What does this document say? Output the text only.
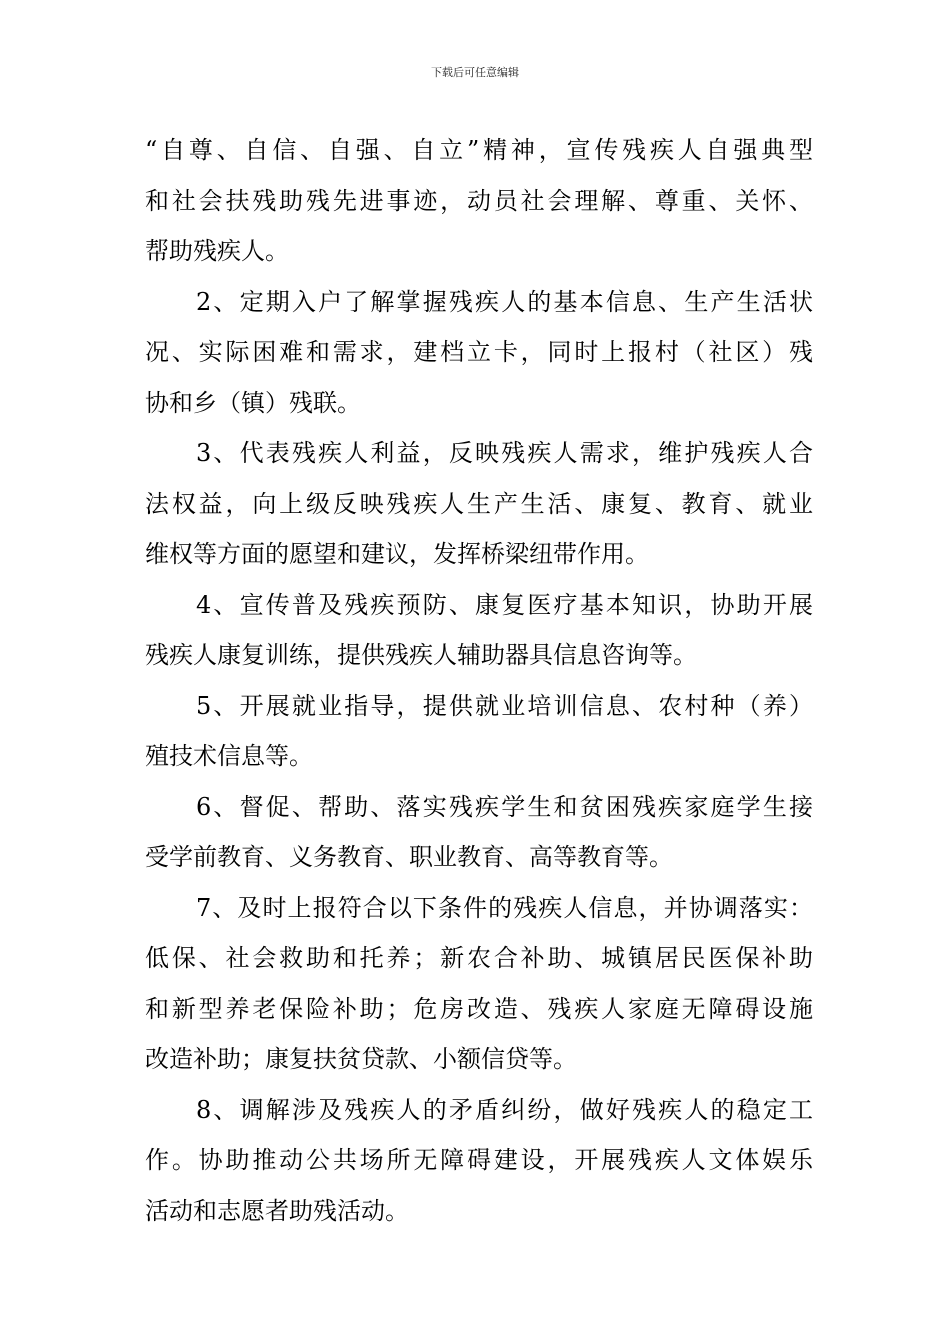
下载后可任意编辑
“自尊、自信、自强、自立”精神，宣传残疾人自强典型
和社会扶残助残先进事迹，动员社会理解、尊重、关怀、
帮助残疾人。
2、定期入户了解掌握残疾人的基本信息、生产生活状
况、实际困难和需求，建档立卡，同时上报村（社区）残
协和乡（镇）残联。
3、代表残疾人利益，反映残疾人需求，维护残疾人合
法权益，向上级反映残疾人生产生活、康复、教育、就业
维权等方面的愿望和建议，发挥桥梁纽带作用。
4、宣传普及残疾预防、康复医疗基本知识，协助开展
残疾人康复训练，提供残疾人辅助器具信息咨询等。
5、开展就业指导，提供就业培训信息、农村种（养）
殖技术信息等。
6、督促、帮助、落实残疾学生和贫困残疾家庭学生接
受学前教育、义务教育、职业教育、高等教育等。
7、及时上报符合以下条件的残疾人信息，并协调落实：
低保、社会救助和托养；新农合补助、城镇居民医保补助
和新型养老保险补助；危房改造、残疾人家庭无障碍设施
改造补助；康复扶贫贷款、小额信贷等。
8、调解涉及残疾人的矛盾纠纷，做好残疾人的稳定工
作。协助推动公共场所无障碍建设，开展残疾人文体娱乐
活动和志愿者助残活动。
